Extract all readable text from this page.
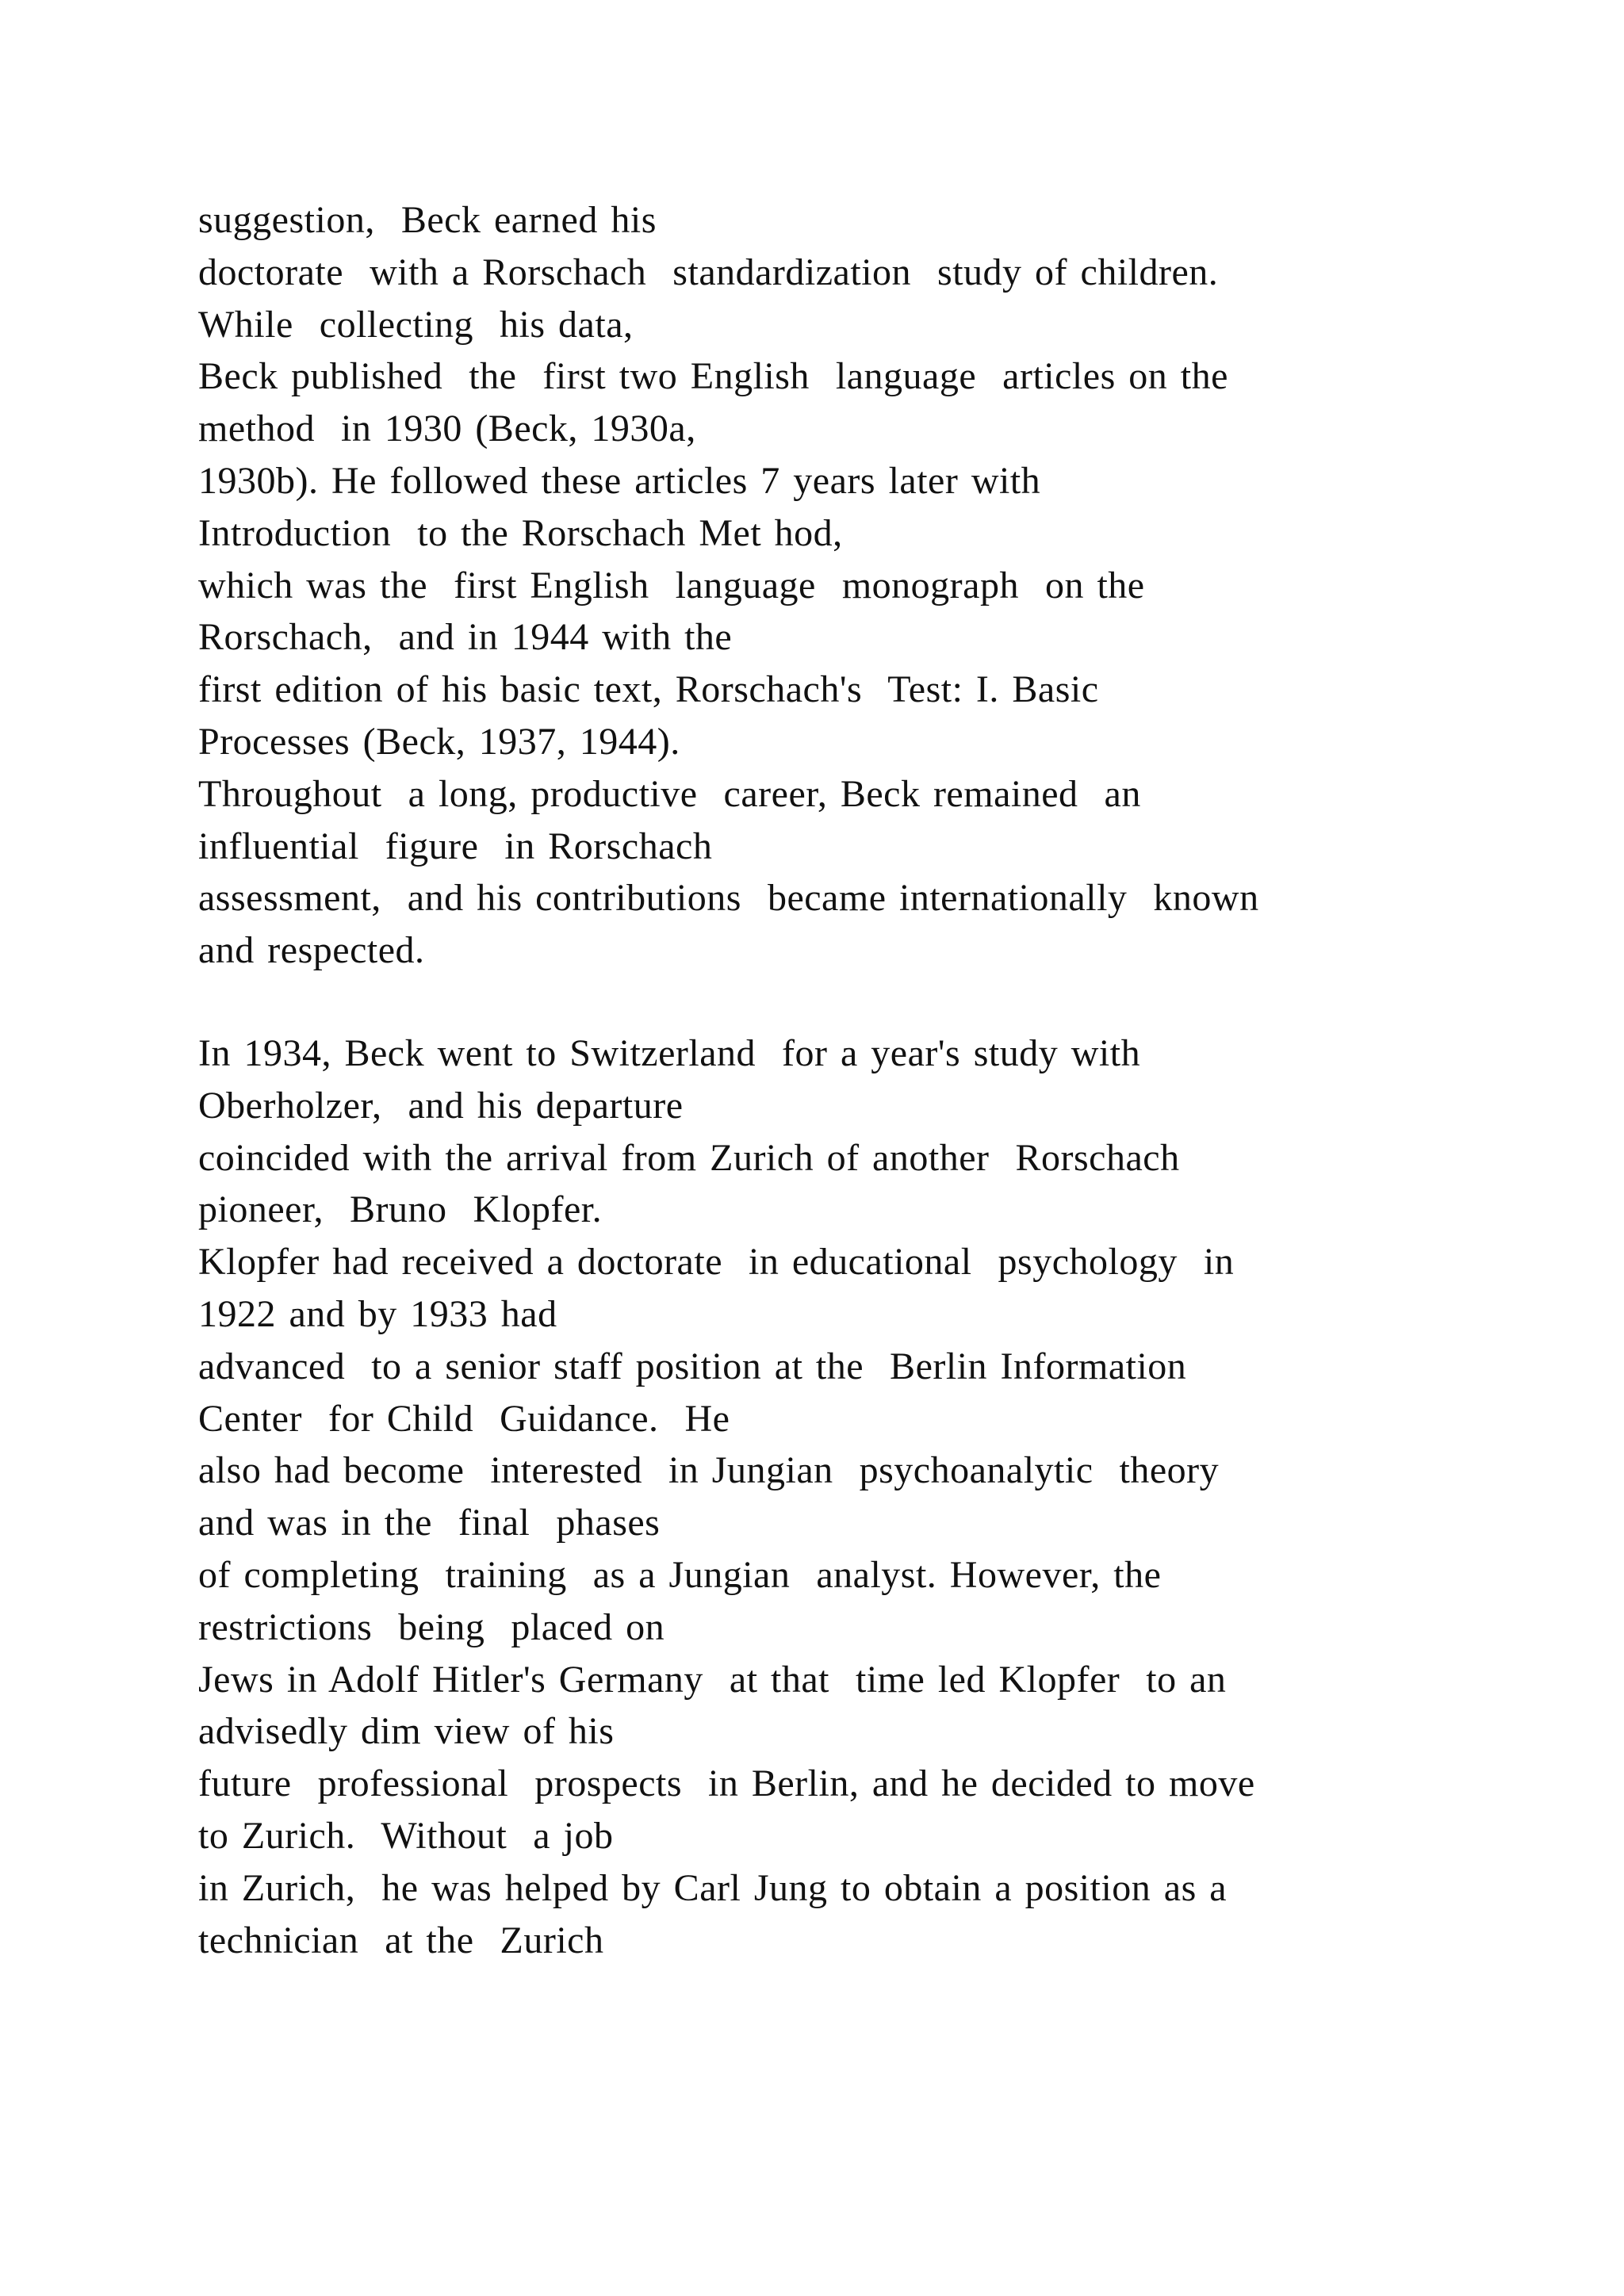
suggestion,  Beck earned his
doctorate  with a Rorschach  standardization  study of children.
While  collecting  his data,
Beck published  the  first two English  language  articles on the
method  in 1930 (Beck, 1930a,
1930b). He followed these articles 7 years later with
Introduction  to the Rorschach Met hod,
which was the  first English  language  monograph  on the
Rorschach,  and in 1944 with the
first edition of his basic text, Rorschach's  Test: I. Basic
Processes (Beck, 1937, 1944).
Throughout  a long, productive  career, Beck remained  an
influential  figure  in Rorschach
assessment,  and his contributions  became internationally  known
and respected.
In 1934, Beck went to Switzerland  for a year's study with
Oberholzer,  and his departure
coincided with the arrival from Zurich of another  Rorschach
pioneer,  Bruno  Klopfer.
Klopfer had received a doctorate  in educational  psychology  in
1922 and by 1933 had
advanced  to a senior staff position at the  Berlin Information
Center  for Child  Guidance.  He
also had become  interested  in Jungian  psychoanalytic  theory
and was in the  final  phases
of completing  training  as a Jungian  analyst. However, the
restrictions  being  placed on
Jews in Adolf Hitler's Germany  at that  time led Klopfer  to an
advisedly dim view of his
future  professional  prospects  in Berlin, and he decided to move
to Zurich.  Without  a job
in Zurich,  he was helped by Carl Jung to obtain a position as a
technician  at the  Zurich
